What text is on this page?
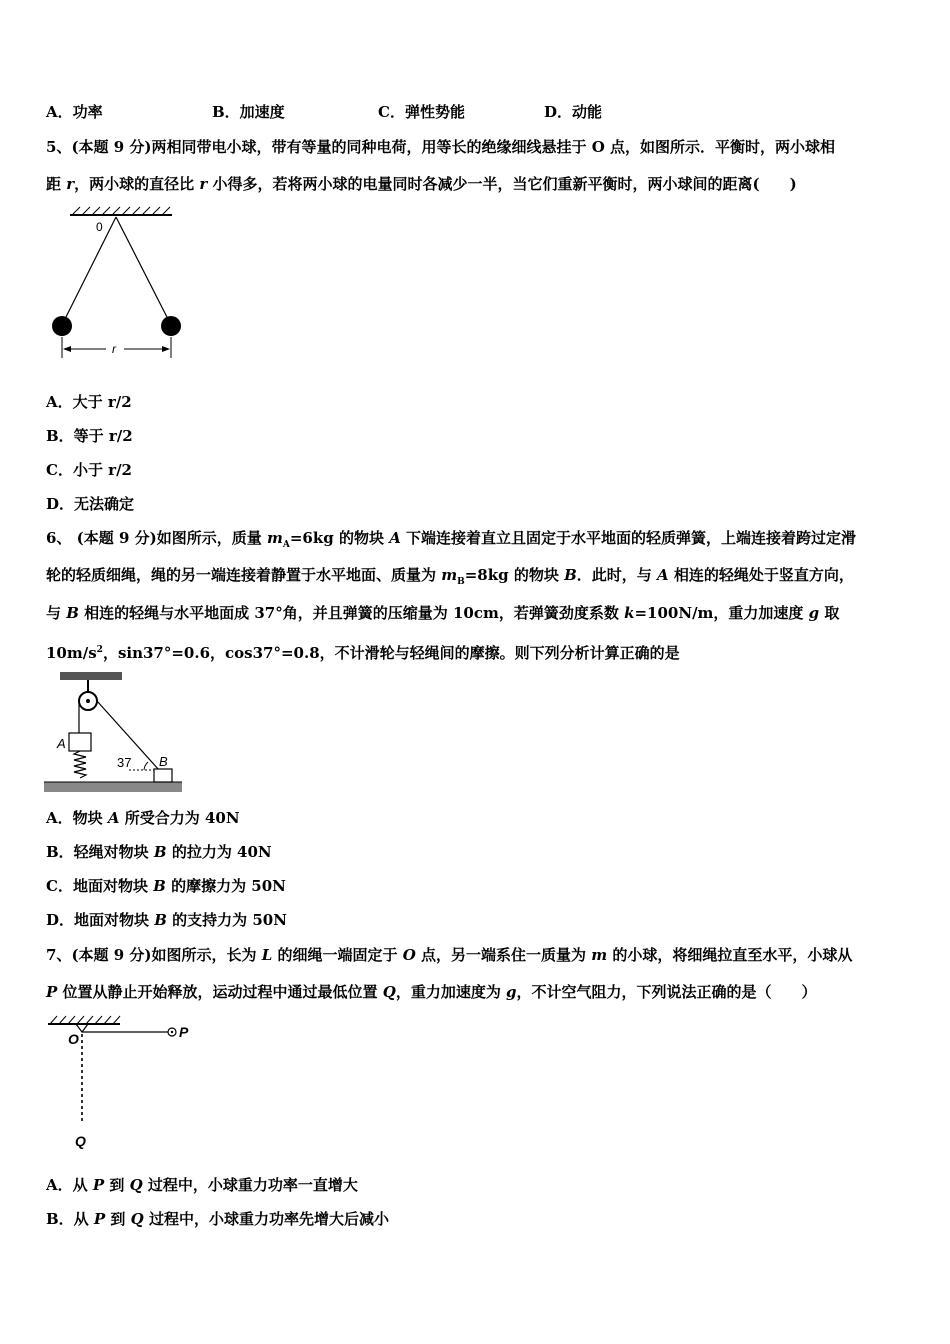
A．功率	B．加速度	C．弹性势能	D．动能
5、(本题 9 分)两相同带电小球，带有等量的同种电荷，用等长的绝缘细线悬挂于 O 点，如图所示．平衡时，两小球相
距 r，两小球的直径比 r 小得多，若将两小球的电量同时各减少一半，当它们重新平衡时，两小球间的距离(　　)
0
r
A．大于 r/2
B．等于 r/2
C．小于 r/2
D．无法确定
6、 (本题 9 分)如图所示，质量 $m_A=6kg$ 的物块 A 下端连接着直立且固定于水平地面的轻质弹簧，上端连接着跨过定滑
轮的轻质细绳，绳的另一端连接着静置于水平地面、质量为 $m_B=8kg$ 的物块 B．此时，与 A 相连的轻绳处于竖直方向，
与 B 相连的轻绳与水平地面成 37°角，并且弹簧的压缩量为 10cm，若弹簧劲度系数 k=100N/m，重力加速度 g 取
$10m/s^2$，sin37°=0.6，cos37°=0.8，不计滑轮与轻绳间的摩擦。则下列分析计算正确的是
A
B
37
A．物块 A 所受合力为 40N
B．轻绳对物块 B 的拉力为 40N
C．地面对物块 B 的摩擦力为 50N
D．地面对物块 B 的支持力为 50N
7、(本题 9 分)如图所示，长为 L 的细绳一端固定于 O 点，另一端系住一质量为 m 的小球，将细绳拉直至水平，小球从
P 位置从静止开始释放，运动过程中通过最低位置 Q，重力加速度为 g，不计空气阻力，下列说法正确的是（　　）
P
O
Q
A．从 P 到 Q 过程中，小球重力功率一直增大
B．从 P 到 Q 过程中，小球重力功率先增大后减小
